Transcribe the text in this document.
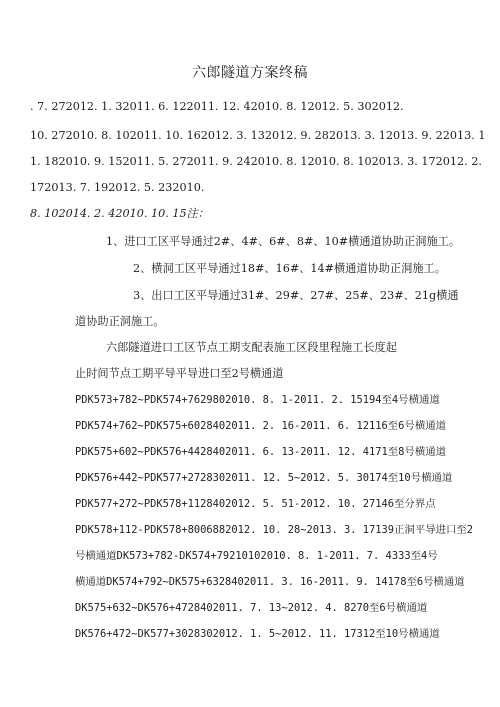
六郎隧道方案终稿
. 7. 272012. 1. 32011. 6. 122011. 12. 42010. 8. 12012. 5. 302012.
10. 272010. 8. 102011. 10. 162012. 3. 132012. 9. 282013. 3. 12013. 9. 22013. 1
1. 182010. 9. 152011. 5. 272011. 9. 242010. 8. 12010. 8. 102013. 3. 172012. 2.
172013. 7. 192012. 5. 232010.
8. 102014. 2. 42010. 10. 15注：
1、进口工区平导通过2#、4#、6#、8#、10#横通道协助正洞施工。
2、横洞工区平导通过18#、16#、14#横通道协助正洞施工。
3、出口工区平导通过31#、29#、27#、25#、23#、21g横通
道协助正洞施工。
六郎隧道进口工区节点工期支配表施工区段里程施工长度起
止时间节点工期平导平导进口至2号横通道
PDK573+782~PDK574+7629802010. 8. 1-2011. 2. 15194至4号横通道
PDK574+762~PDK575+6028402011. 2. 16-2011. 6. 12116至6号横通道
PDK575+602~PDK576+4428402011. 6. 13-2011. 12. 4171至8号横通道
PDK576+442~PDK577+2728302011. 12. 5~2012. 5. 30174至10号横通道
PDK577+272~PDK578+1128402012. 5. 51-2012. 10. 27146至分界点
PDK578+112-PDK578+8006882012. 10. 28~2013. 3. 17139正洞平导进口至2
号横通道DK573+782-DK574+79210102010. 8. 1-2011. 7. 4333至4号
横通道DK574+792~DK575+6328402011. 3. 16-2011. 9. 14178至6号横通道
DK575+632~DK576+4728402011. 7. 13~2012. 4. 8270至6号横通道
DK576+472~DK577+3028302012. 1. 5~2012. 11. 17312至10号横通道
